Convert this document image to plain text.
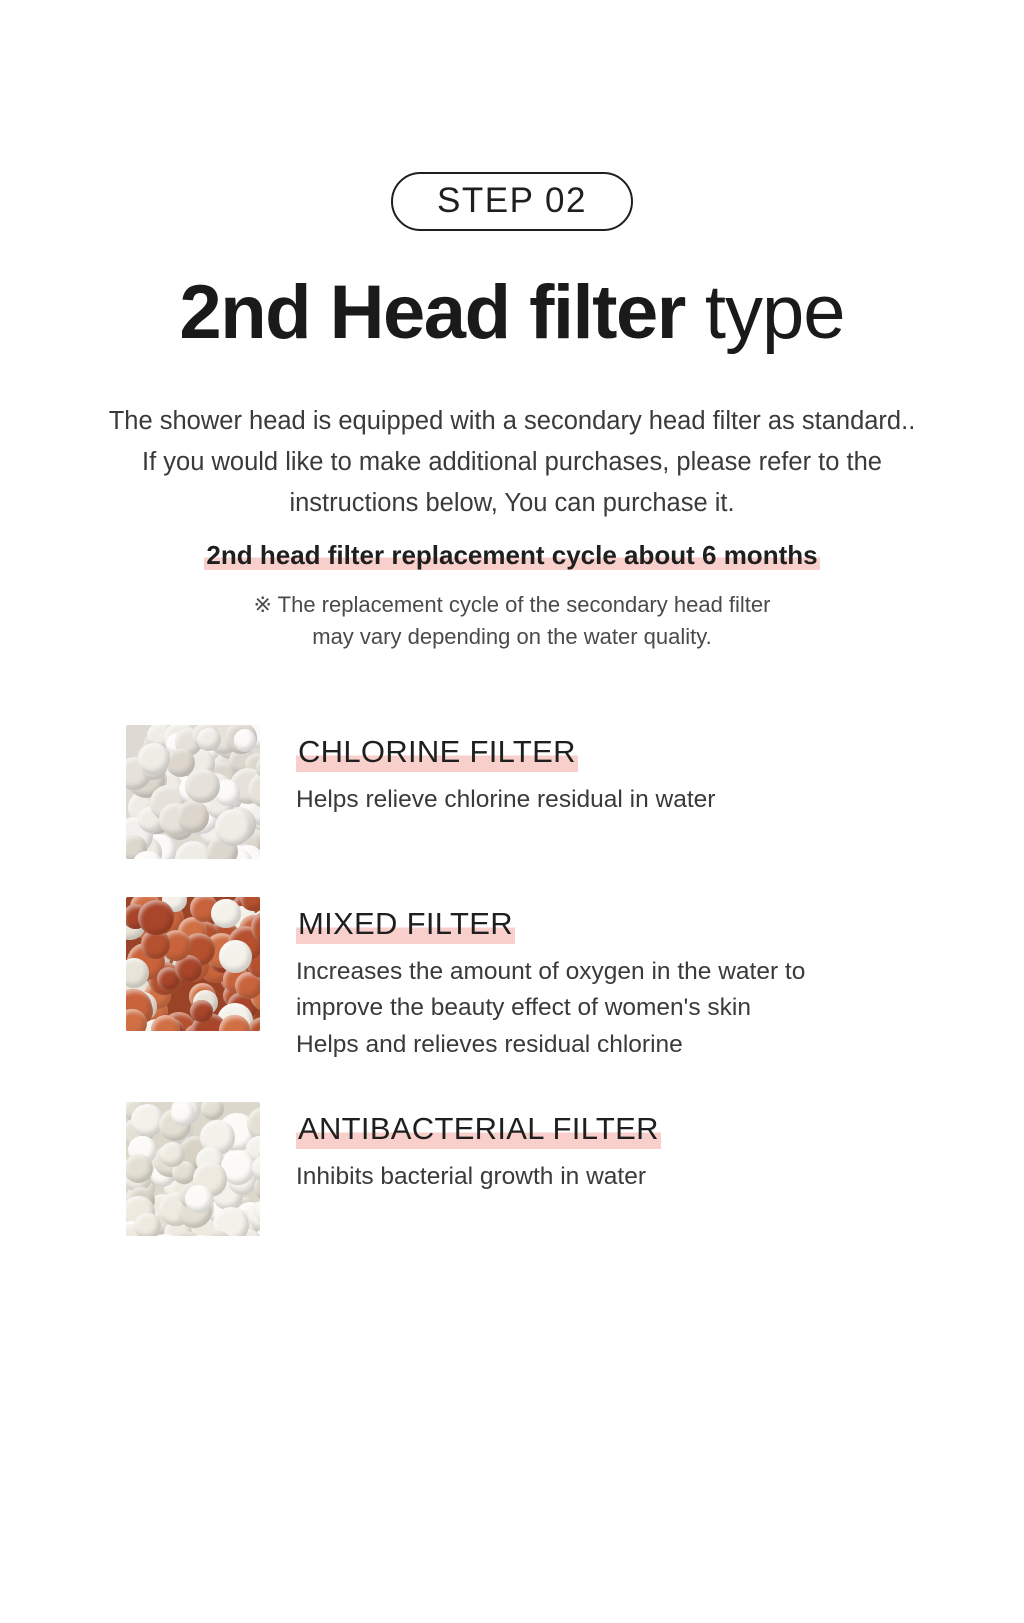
STEP 02
2nd Head filter type
The shower head is equipped with a secondary head filter as standard..
If you would like to make additional purchases, please refer to the
instructions below, You can purchase it.
2nd head filter replacement cycle about 6 months
※ The replacement cycle of the secondary head filter
may vary depending on the water quality.
CHLORINE FILTER
Helps relieve chlorine residual in water
MIXED FILTER
Increases the amount of oxygen in the water to
improve the beauty effect of women's skin
Helps and relieves residual chlorine
ANTIBACTERIAL FILTER
Inhibits bacterial growth in water
